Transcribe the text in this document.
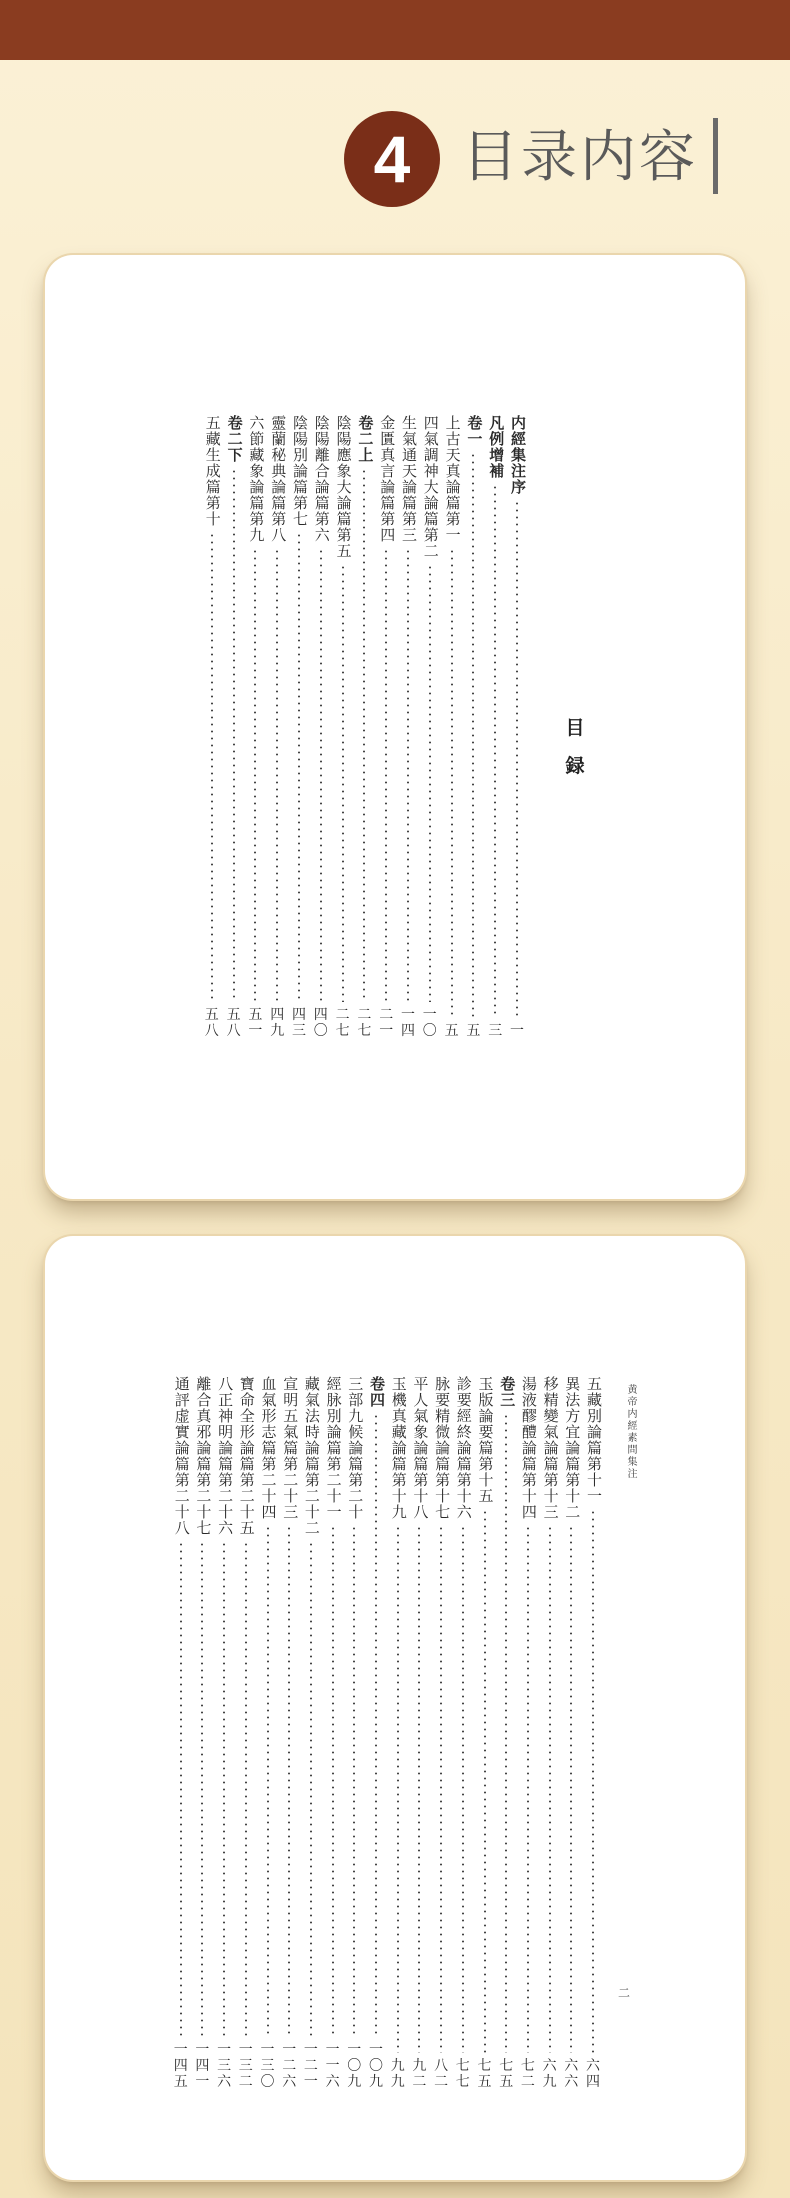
4 目录内容
目 録
内經集注序
一
凡例增補
三
卷一
五
上古天真論篇第一
五
四氣調神大論篇第二
一
〇
生氣通天論篇第三
一
四
金匱真言論篇第四
二
一
卷二上
二
七
陰陽應象大論篇第五
二
七
陰陽離合論篇第六
四
〇
陰陽別論篇第七
四
三
靈蘭秘典論篇第八
四
九
六節藏象論篇第九
五
一
卷二下
五
八
五藏生成篇第十
五
八
黄帝内經素問集注
二
五藏別論篇第十一
六
四
異法方宜論篇第十二
六
六
移精變氣論篇第十三
六
九
湯液醪醴論篇第十四
七
二
卷三
七
五
玉版論要篇第十五
七
五
診要經終論篇第十六
七
七
脉要精微論篇第十七
八
二
平人氣象論篇第十八
九
二
玉機真藏論篇第十九
九
九
卷四
一
〇
九
三部九候論篇第二十
一
〇
九
經脉別論篇第二十一
一
一
六
藏氣法時論篇第二十二
一
二
一
宣明五氣篇第二十三
一
二
六
血氣形志篇第二十四
一
三
〇
寶命全形論篇第二十五
一
三
二
八正神明論篇第二十六
一
三
六
離合真邪論篇第二十七
一
四
一
通評虚實論篇第二十八
一
四
五
